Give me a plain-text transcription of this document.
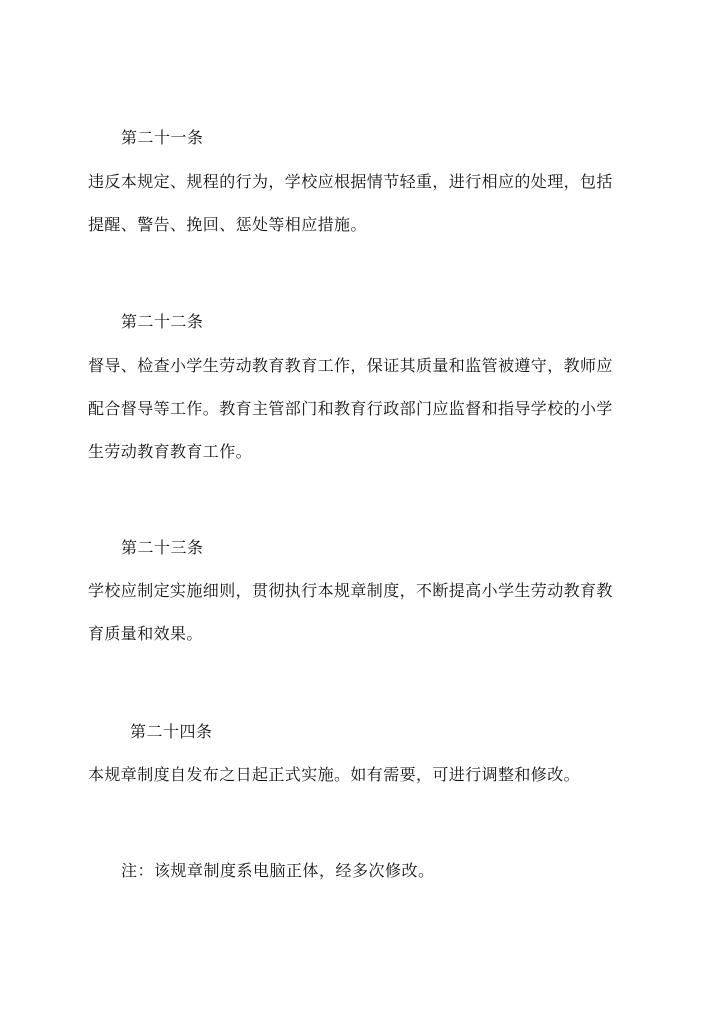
第二十一条
违反本规定、规程的行为，学校应根据情节轻重，进行相应的处理，包括
提醒、警告、挽回、惩处等相应措施。
第二十二条
督导、检查小学生劳动教育教育工作，保证其质量和监管被遵守，教师应
配合督导等工作。教育主管部门和教育行政部门应监督和指导学校的小学
生劳动教育教育工作。
第二十三条
学校应制定实施细则，贯彻执行本规章制度，不断提高小学生劳动教育教
育质量和效果。
第二十四条
本规章制度自发布之日起正式实施。如有需要，可进行调整和修改。
注：该规章制度系电脑正体，经多次修改。
